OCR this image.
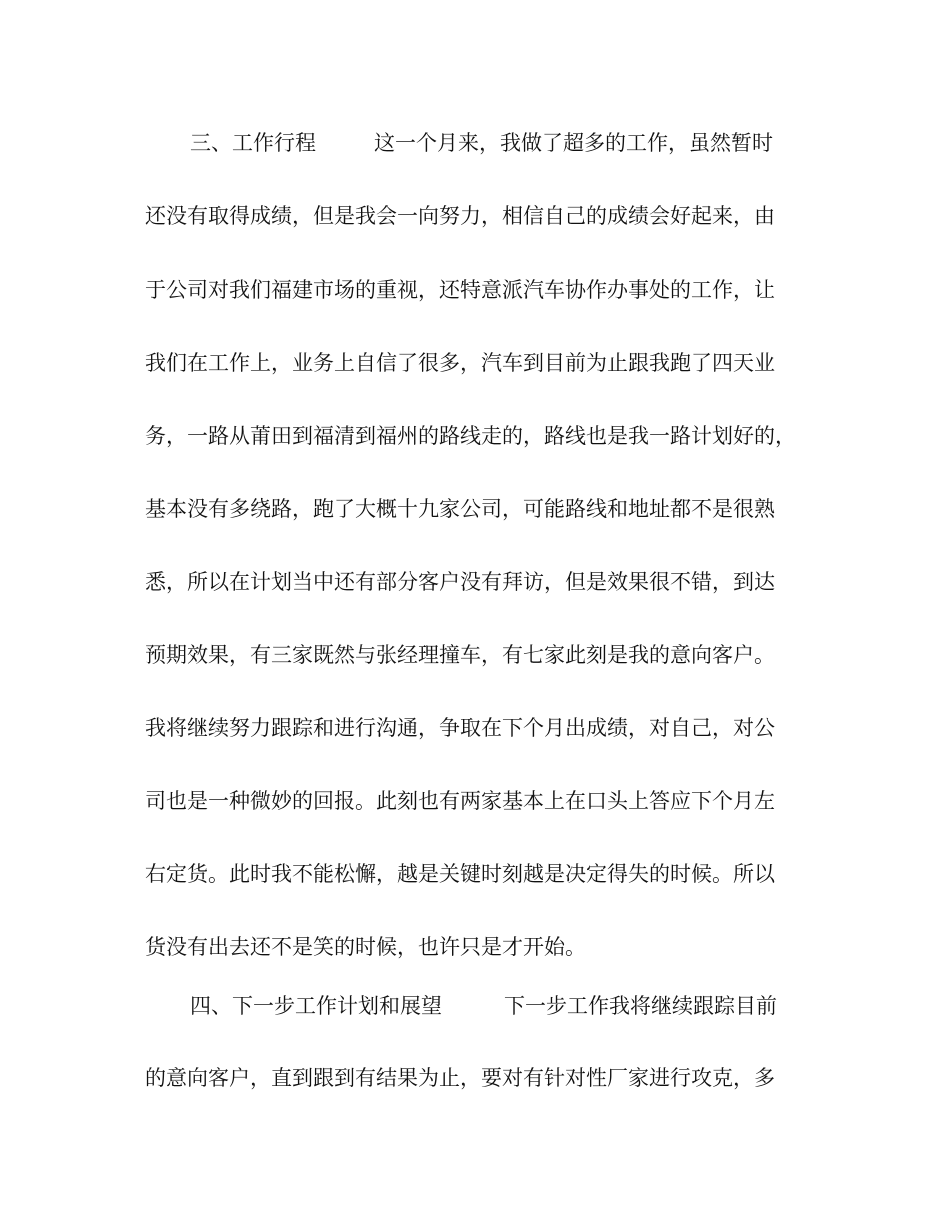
三、工作行程	这一个月来，我做了超多的工作，虽然暂时
还没有取得成绩，但是我会一向努力，相信自己的成绩会好起来，由
于公司对我们福建市场的重视，还特意派汽车协作办事处的工作，让
我们在工作上，业务上自信了很多，汽车到目前为止跟我跑了四天业
务，一路从莆田到福清到福州的路线走的，路线也是我一路计划好的，
基本没有多绕路，跑了大概十九家公司，可能路线和地址都不是很熟
悉，所以在计划当中还有部分客户没有拜访，但是效果很不错，到达
预期效果，有三家既然与张经理撞车，有七家此刻是我的意向客户。
我将继续努力跟踪和进行沟通，争取在下个月出成绩，对自己，对公
司也是一种微妙的回报。此刻也有两家基本上在口头上答应下个月左
右定货。此时我不能松懈，越是关键时刻越是决定得失的时候。所以
货没有出去还不是笑的时候，也许只是才开始。
四、下一步工作计划和展望	下一步工作我将继续跟踪目前
的意向客户，直到跟到有结果为止，要对有针对性厂家进行攻克，多
